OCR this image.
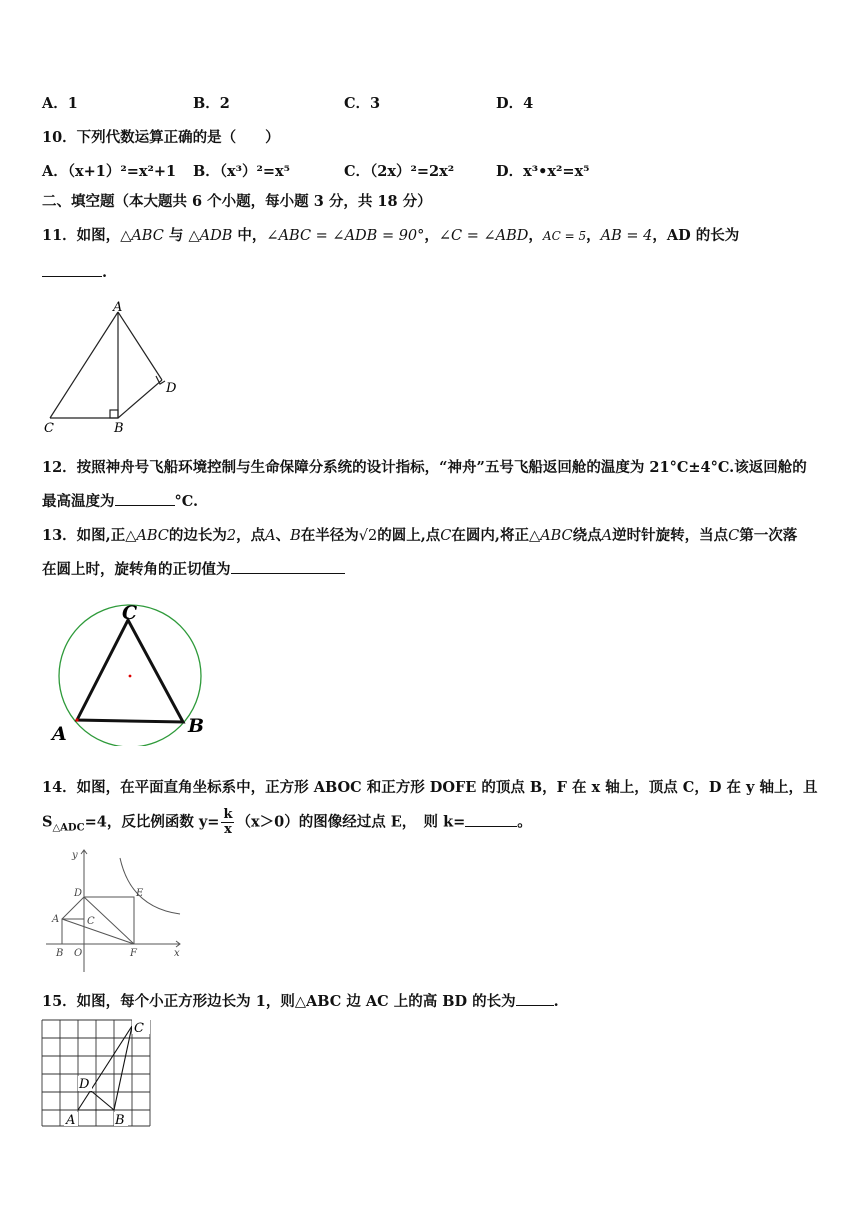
A．1	B．2	C．3	D．4
10．下列代数运算正确的是（　　）
A．（x+1）²=x²+1 B．（x³）²=x⁵	C．（2x）²=2x²	D．x³•x²=x⁵
二、填空题（本大题共 6 个小题，每小题 3 分，共 18 分）
11．如图，△ABC 与 △ADB 中，∠ABC = ∠ADB = 90°，∠C = ∠ABD，AC = 5，AB = 4，AD 的长为
.
A
C	B
D
12．按照神舟号飞船环境控制与生命保障分系统的设计指标，“神舟”五号飞船返回舱的温度为 21°C±4°C.该返回舱的
最高温度为	°C.
13．如图,正△ABC的边长为2，点A、B在半径为√2的圆上,点C在圆内,将正△ABC绕点A逆时针旋转，当点C第一次落
在圆上时，旋转角的正切值为
C
A	B
14．如图，在平面直角坐标系中，正方形 ABOC 和正方形 DOFE 的顶点 B，F 在 x 轴上，顶点 C，D 在 y 轴上，且
$S_{\triangle ADC}=4$，反比例函数 $y= \frac{k}{x} (x>0)$的图像经过点 E，　则 k=	。
y
D	E
A	C
B O	F	x
15．如图，每个小正方形边长为 1，则△ABC 边 AC 上的高 BD 的长为	.
C
D
A	B
